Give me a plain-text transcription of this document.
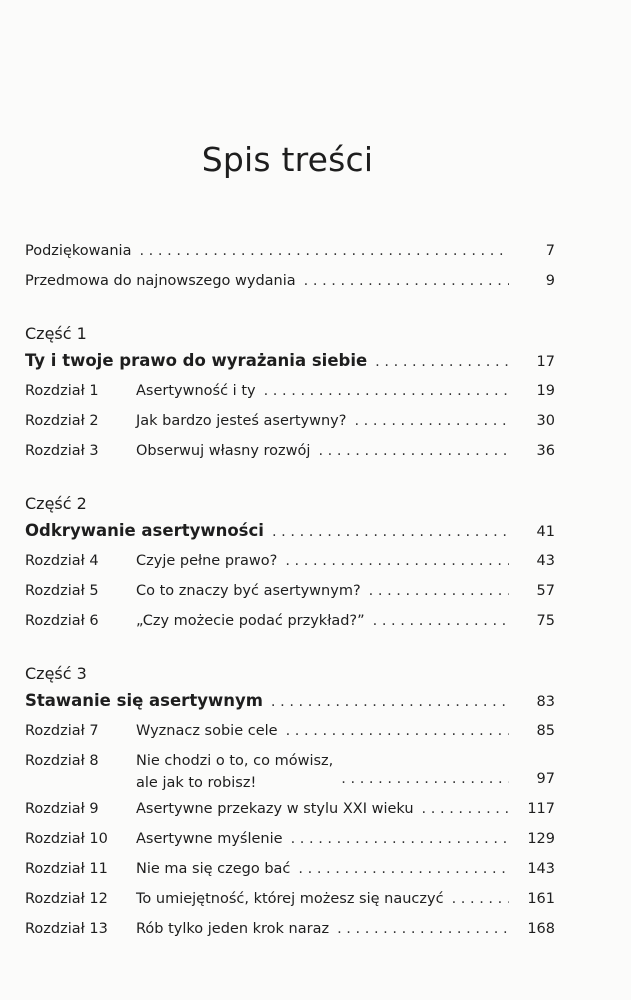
Spis treści
Podziękowania . . .	7
Przedmowa do najnowszego wydania . . .	9
Część 1
Ty i twoje prawo do wyrażania siebie . . .	17
Rozdział 1	Asertywność i ty . . .	19
Rozdział 2	Jak bardzo jesteś asertywny? . . .	30
Rozdział 3	Obserwuj własny rozwój . . .	36
Część 2
Odkrywanie asertywności . . .	41
Rozdział 4	Czyje pełne prawo? . . .	43
Rozdział 5	Co to znaczy być asertywnym? . . .	57
Rozdział 6	„Czy możecie podać przykład?” . . .	75
Część 3
Stawanie się asertywnym . . .	83
Rozdział 7	Wyznacz sobie cele . . .	85
Rozdział 8	Nie chodzi o to, co mówisz,
ale jak to robisz! . . .	97
Rozdział 9	Asertywne przekazy w stylu XXI wieku . . .	117
Rozdział 10 Asertywne myślenie . . .	129
Rozdział 11 Nie ma się czego bać . . .	143
Rozdział 12 To umiejętność, której możesz się nauczyć . . .	161
Rozdział 13 Rób tylko jeden krok naraz . . .	168
